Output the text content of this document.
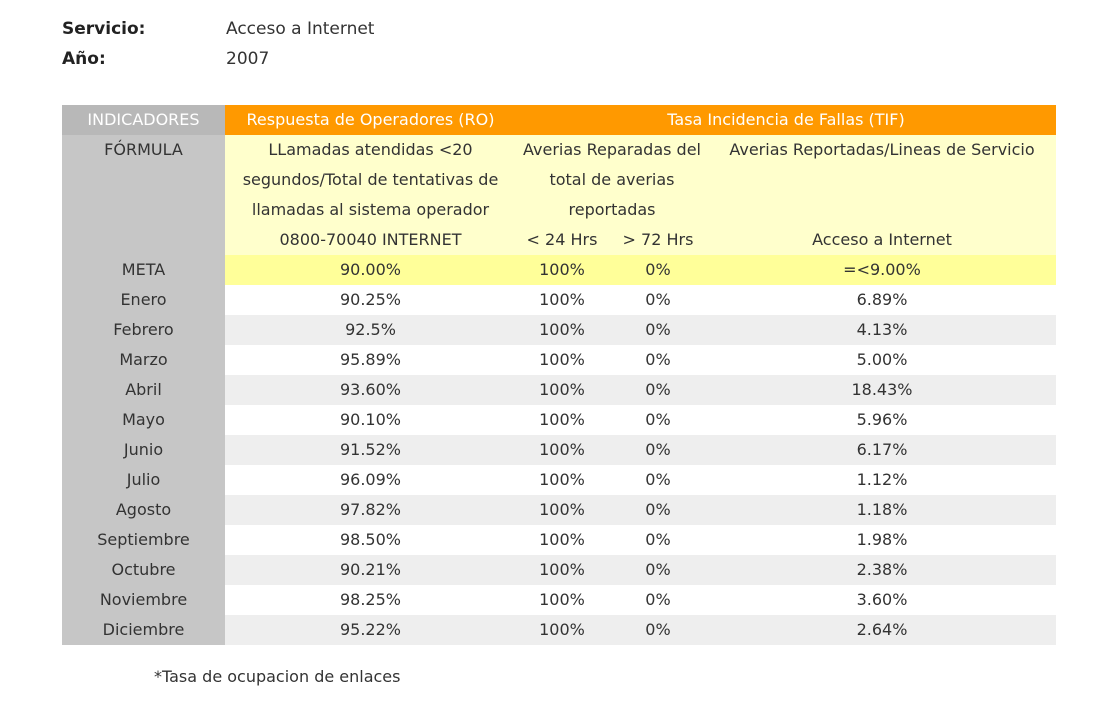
Servicio:	Acceso a Internet
Año:	2007
INDICADORES	Respuesta de Operadores (RO)	Tasa Incidencia de Fallas (TIF)		
FÓRMULA	LLamadas atendidas <20	Averias Reparadas del		Averias Reportadas/Lineas de Servicio
	segundos/Total de tentativas de	total de averias		
	llamadas al sistema operador	reportadas		
	0800-70040 INTERNET	< 24 Hrs	> 72 Hrs	Acceso a Internet
META	90.00%	100%	0%	=<9.00%
Enero	90.25%	100%	0%	6.89%
Febrero	92.5%	100%	0%	4.13%
Marzo	95.89%	100%	0%	5.00%
Abril	93.60%	100%	0%	18.43%
Mayo	90.10%	100%	0%	5.96%
Junio	91.52%	100%	0%	6.17%
Julio	96.09%	100%	0%	1.12%
Agosto	97.82%	100%	0%	1.18%
Septiembre	98.50%	100%	0%	1.98%
Octubre	90.21%	100%	0%	2.38%
Noviembre	98.25%	100%	0%	3.60%
Diciembre	95.22%	100%	0%	2.64%
*Tasa de ocupacion de enlaces
